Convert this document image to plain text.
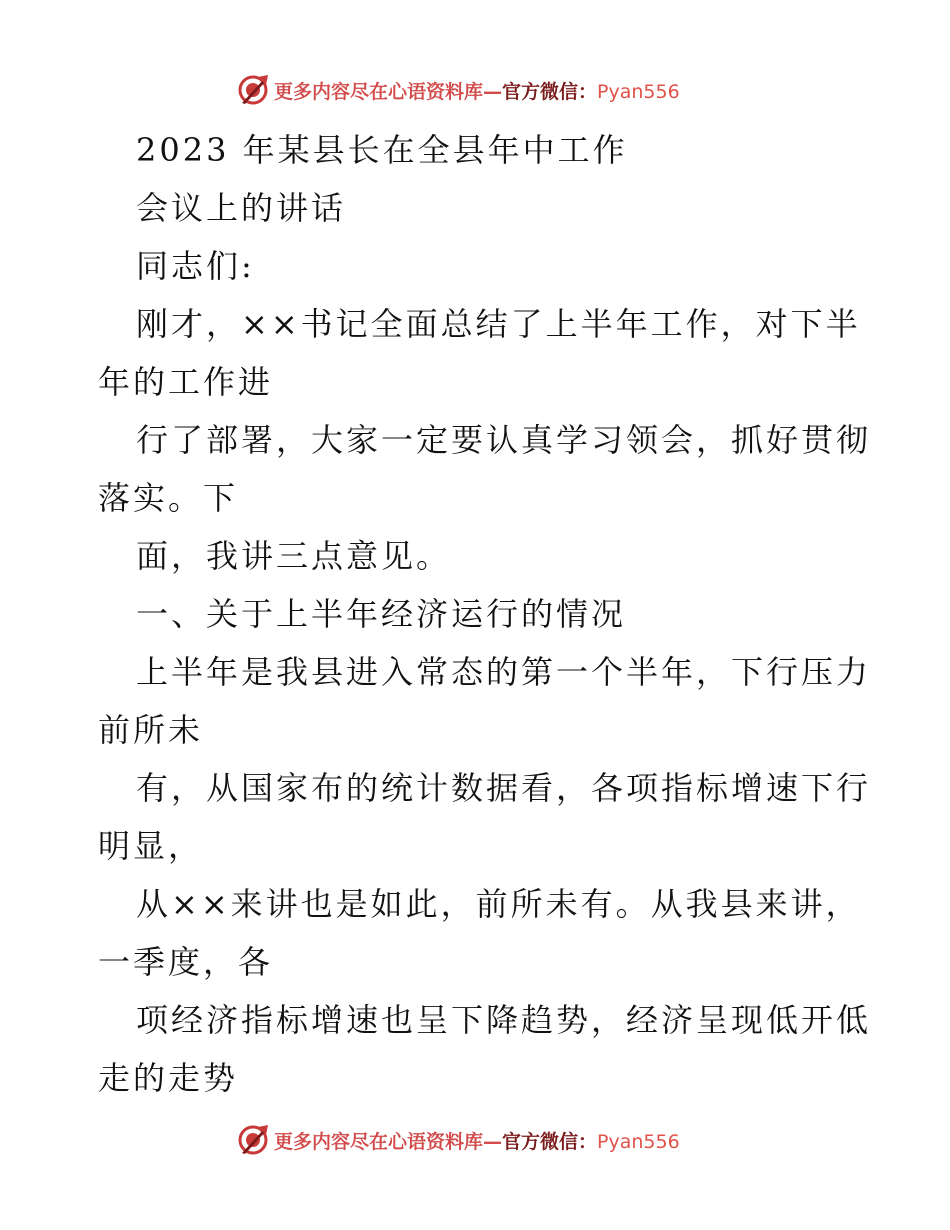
更多内容尽在心语资料库—官方微信：Pyan556
2023 年某县长在全县年中工作
会议上的讲话
同志们:
刚才，××书记全面总结了上半年工作，对下半
年的工作进
行了部署，大家一定要认真学习领会，抓好贯彻
落实。下
面，我讲三点意见。
一、关于上半年经济运行的情况
上半年是我县进入常态的第一个半年，下行压力
前所未
有，从国家布的统计数据看，各项指标增速下行
明显，
从××来讲也是如此，前所未有。从我县来讲，
一季度，各
项经济指标增速也呈下降趋势，经济呈现低开低
走的走势
更多内容尽在心语资料库—官方微信：Pyan556
